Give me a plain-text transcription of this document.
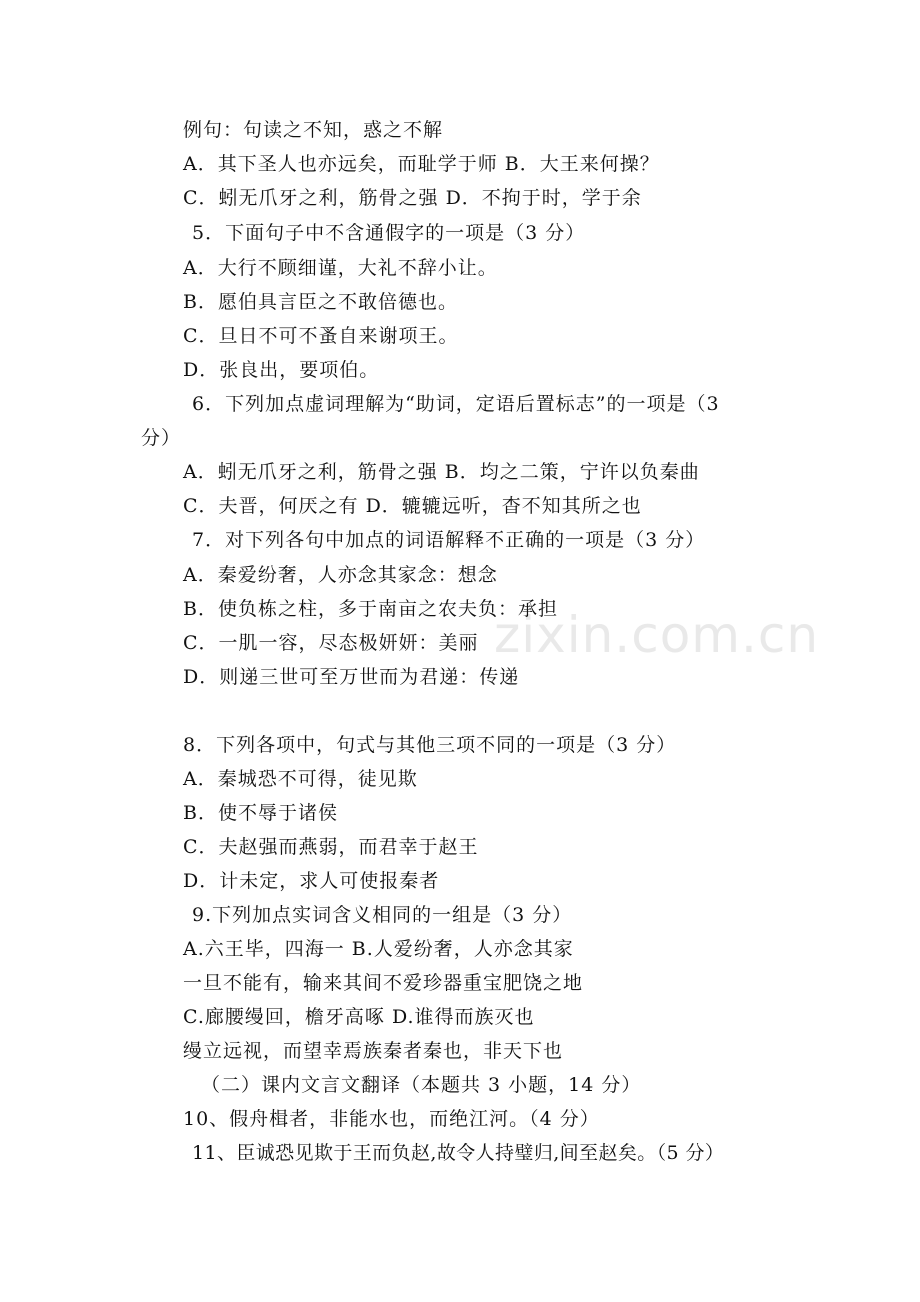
zixin.com.cn
例句：句读之不知，惑之不解
A．其下圣人也亦远矣，而耻学于师 B．大王来何操？
C．蚓无爪牙之利，筋骨之强 D．不拘于时，学于余
5．下面句子中不含通假字的一项是（3 分）
A．大行不顾细谨，大礼不辞小让。
B．愿伯具言臣之不敢倍德也。
C．旦日不可不蚤自来谢项王。
D．张良出，要项伯。
6．下列加点虚词理解为“助词，定语后置标志”的一项是（3
分）
A．蚓无爪牙之利，筋骨之强 B．均之二策，宁许以负秦曲
C．夫晋，何厌之有 D．辘辘远听，杳不知其所之也
7．对下列各句中加点的词语解释不正确的一项是（3 分）
A．秦爱纷奢，人亦念其家念：想念
B．使负栋之柱，多于南亩之农夫负：承担
C．一肌一容，尽态极妍妍：美丽
D．则递三世可至万世而为君递：传递
8．下列各项中，句式与其他三项不同的一项是（3 分）
A．秦城恐不可得，徒见欺
B．使不辱于诸侯
C．夫赵强而燕弱，而君幸于赵王
D．计未定，求人可使报秦者
9.下列加点实词含义相同的一组是（3 分）
A.六王毕，四海一 B.人爱纷奢，人亦念其家
一旦不能有，输来其间不爱珍器重宝肥饶之地
C.廊腰缦回，檐牙高啄 D.谁得而族灭也
缦立远视，而望幸焉族秦者秦也，非天下也
（二）课内文言文翻译（本题共 3 小题，14 分）
10、假舟楫者，非能水也，而绝江河。（4 分）
11、臣诚恐见欺于王而负赵,故令人持璧归,间至赵矣。（5 分）
